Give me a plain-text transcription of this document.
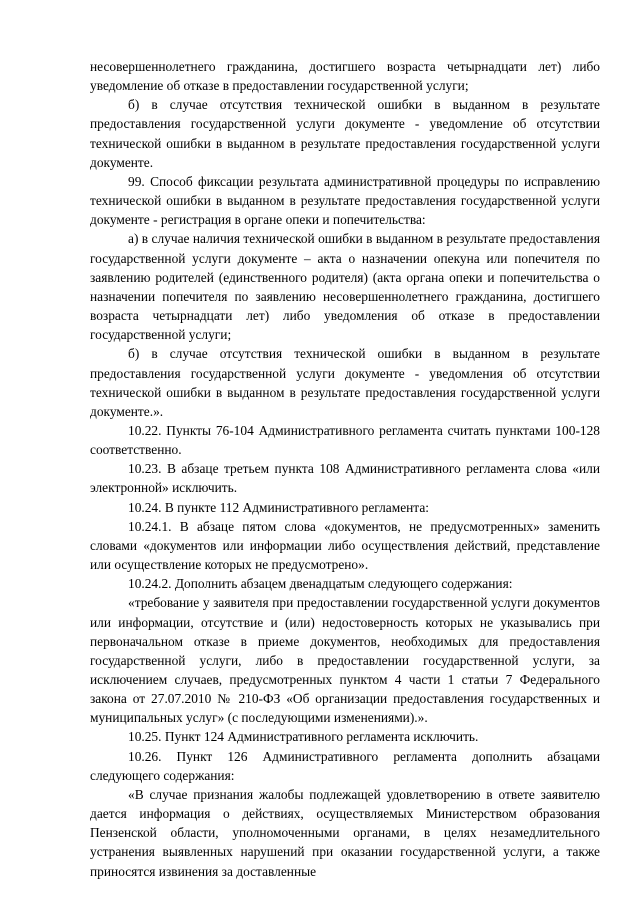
несовершеннолетнего гражданина, достигшего возраста четырнадцати лет) либо уведомление об отказе в предоставлении государственной услуги;

б) в случае отсутствия технической ошибки в выданном в результате предоставления государственной услуги документе - уведомление об отсутствии технической ошибки в выданном в результате предоставления государственной услуги документе.

99. Способ фиксации результата административной процедуры по исправлению технической ошибки в выданном в результате предоставления государственной услуги документе - регистрация в органе опеки и попечительства:

а) в случае наличия технической ошибки в выданном в результате предоставления государственной услуги документе – акта о назначении опекуна или попечителя по заявлению родителей (единственного родителя) (акта органа опеки и попечительства о назначении попечителя по заявлению несовершеннолетнего гражданина, достигшего возраста четырнадцати лет) либо уведомления об отказе в предоставлении государственной услуги;

б) в случае отсутствия технической ошибки в выданном в результате предоставления государственной услуги документе - уведомления об отсутствии технической ошибки в выданном в результате предоставления государственной услуги документе.».

10.22. Пункты 76-104 Административного регламента считать пунктами 100-128 соответственно.

10.23. В абзаце третьем пункта 108 Административного регламента слова «или электронной» исключить.

10.24. В пункте 112 Административного регламента:

10.24.1. В абзаце пятом слова «документов, не предусмотренных» заменить словами «документов или информации либо осуществления действий, представление или осуществление которых не предусмотрено».

10.24.2. Дополнить абзацем двенадцатым следующего содержания:

«требование у заявителя при предоставлении государственной услуги документов или информации, отсутствие и (или) недостоверность которых не указывались при первоначальном отказе в приеме документов, необходимых для предоставления государственной услуги, либо в предоставлении государственной услуги, за исключением случаев, предусмотренных пунктом 4 части 1 статьи 7 Федерального закона от 27.07.2010 № 210-ФЗ «Об организации предоставления государственных и муниципальных услуг» (с последующими изменениями).».

10.25. Пункт 124 Административного регламента исключить.

10.26. Пункт 126 Административного регламента дополнить абзацами следующего содержания:

«В случае признания жалобы подлежащей удовлетворению в ответе заявителю дается информация о действиях, осуществляемых Министерством образования Пензенской области, уполномоченными органами, в целях незамедлительного устранения выявленных нарушений при оказании государственной услуги, а также приносятся извинения за доставленные
